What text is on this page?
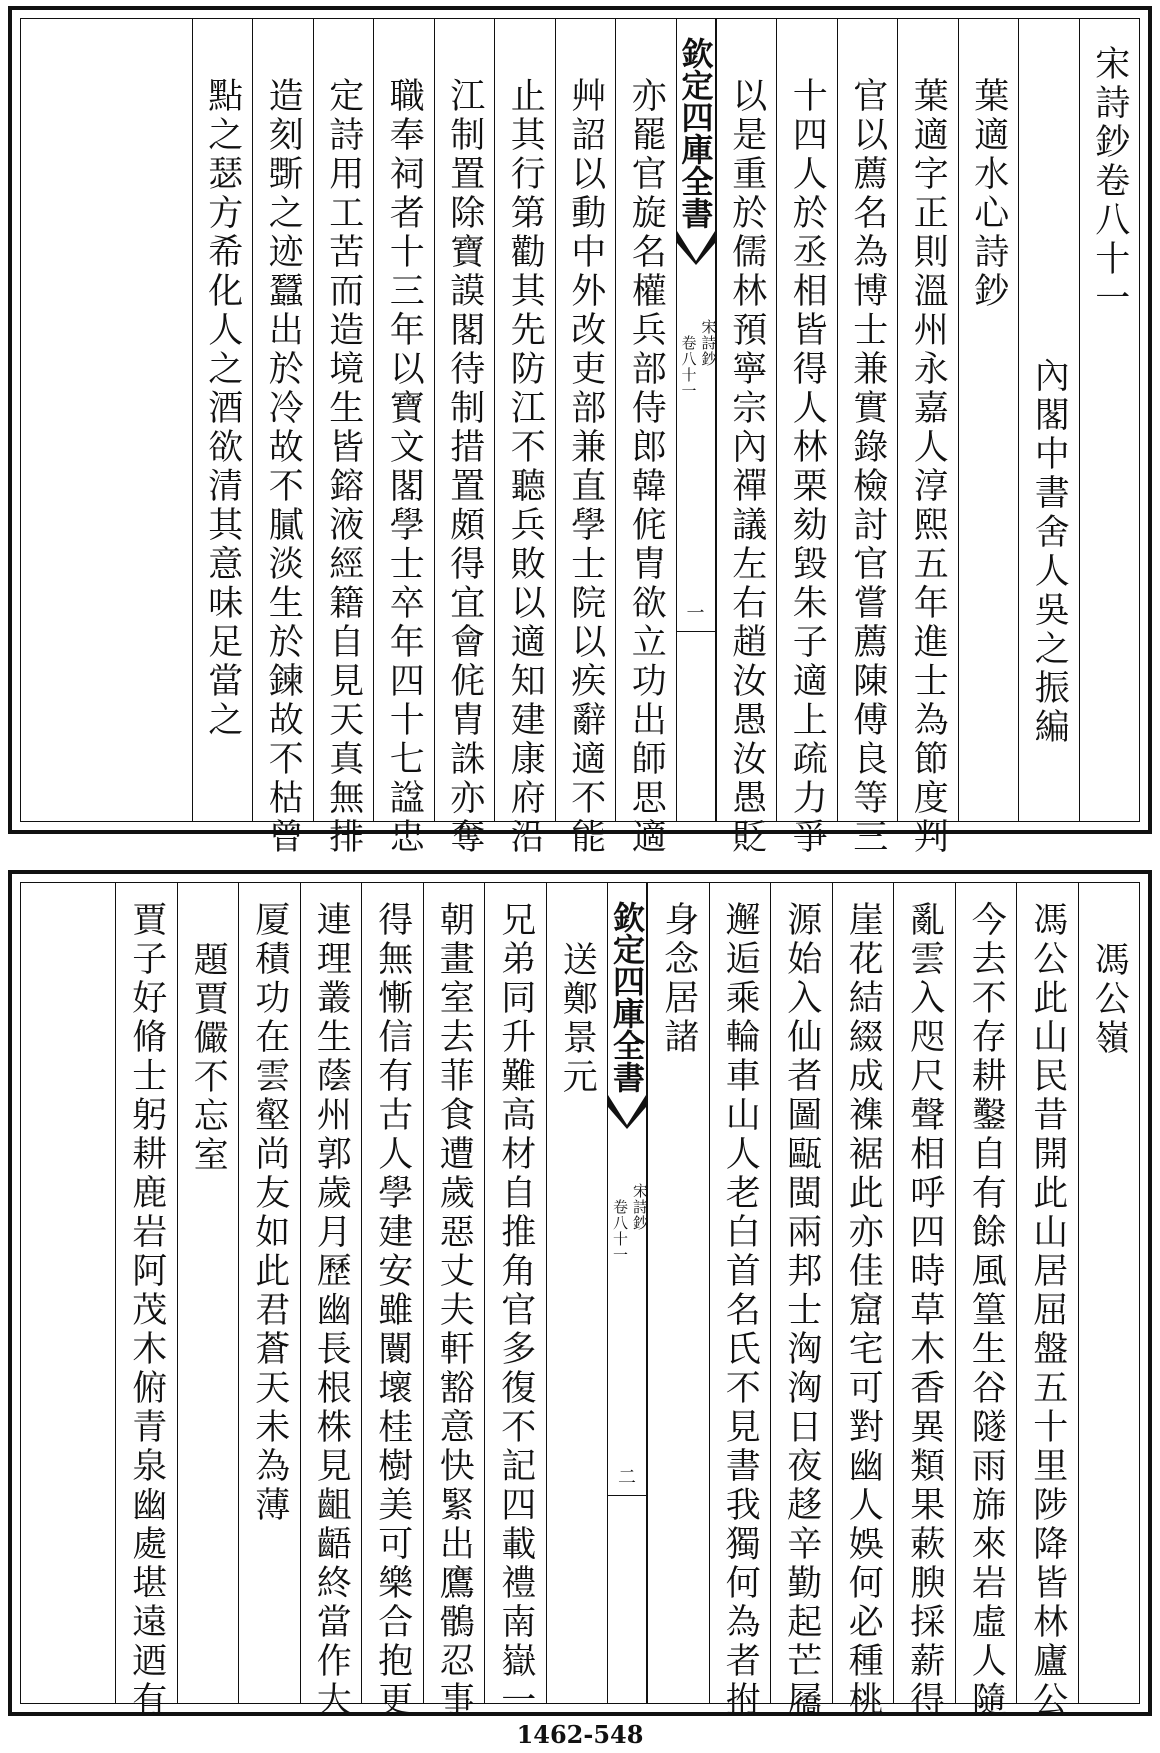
宋詩鈔卷八十一
內閣中書舍人吳之振編
葉適水心詩鈔
葉適字正則溫州永嘉人淳熙五年進士為節度判
官以薦名為博士兼實錄檢討官嘗薦陳傅良等三
十四人於丞相皆得人林栗劾毀朱子適上疏力爭
以是重於儒林預寧宗內禪議左右趙汝愚汝愚貶
欽定四庫全書
宋詩鈔
卷八十一
一
亦罷官旋名權兵部侍郎韓侂胄欲立功出師思適
艸詔以動中外改吏部兼直學士院以疾辭適不能
止其行第勸其先防江不聽兵敗以適知建康府沿
江制置除寶謨閣待制措置頗得宜會侂胄誅亦奪
職奉祠者十三年以寶文閣學士卒年四十七諡忠
定詩用工苦而造境生皆鎔液經籍自見天真無排
造刻斲之迹蠶出於冷故不膩淡生於鍊故不枯曾
點之瑟方希化人之酒欲清其意味足當之
馮公嶺
馮公此山民昔開此山居屈盤五十里陟降皆林廬公
今去不存耕鑿自有餘風篁生谷隧雨旆來岩虛人隨
亂雲入咫尺聲相呼四時草木香異類果蔌腴採薪得
崖花結綴成襍裾此亦佳窟宅可對幽人娛何必種桃
源始入仙者圖甌閩兩邦士洶洶日夜趍辛勤起芒屩
邂逅乘輪車山人老白首名氏不見書我獨何為者拊
身念居諸
欽定四庫全書
宋詩鈔
卷八十一
二
送鄭景元
兄弟同升難高材自推角官多復不記四載禮南嶽一
朝畫室去菲食遭歲惡丈夫軒豁意快緊出鷹鶻忍事
得無慚信有古人學建安雖闤壞桂樹美可樂合抱更
連理叢生蔭州郭歲月歷幽長根株見齟齬終當作大
厦積功在雲壑尚友如此君蒼天未為薄
題賈儼不忘室
賈子好脩士躬耕鹿岩阿茂木俯青泉幽處堪遠迺有
1462-548
